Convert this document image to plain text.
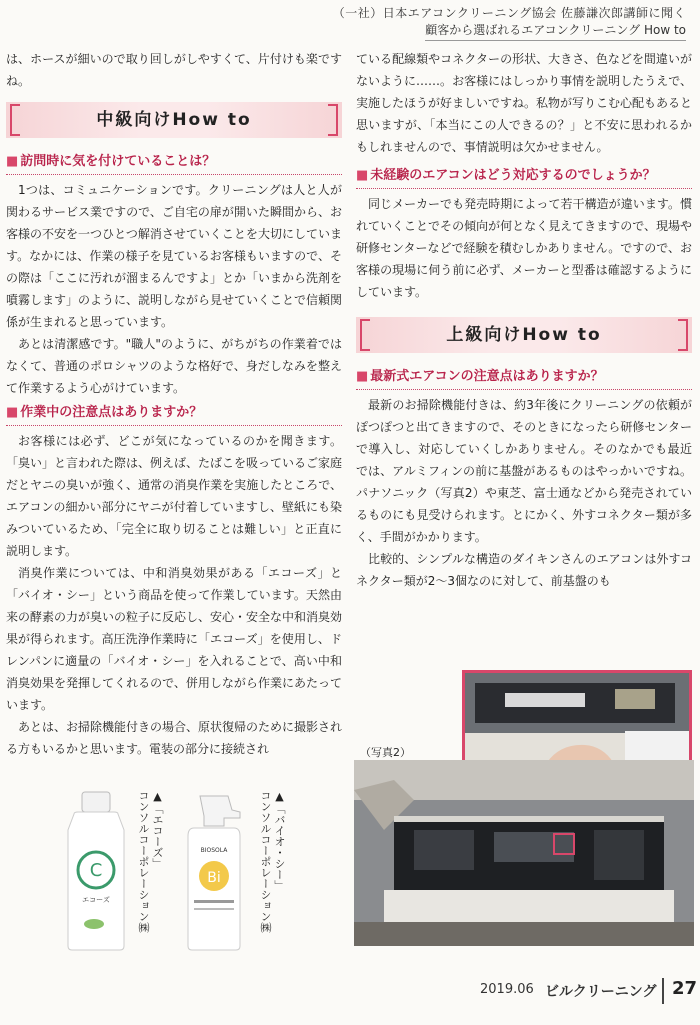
（一社）日本エアコンクリーニング協会 佐藤謙次郎講師に聞く
顧客から選ばれるエアコンクリーニング How to

は、ホースが細いので取り回しがしやすくて、片付けも楽ですね。

中級向けHow to
■ 訪問時に気を付けていることは？

1つは、コミュニケーションです。クリーニングは人と人が関わるサービス業ですので、ご自宅の扉が開いた瞬間から、お客様の不安を一つひとつ解消させていくことを大切にしています。なかには、作業の様子を見ているお客様もいますので、その際は「ここに汚れが溜まるんですよ」とか「いまから洗剤を噴霧します」のように、説明しながら見せていくことで信頼関係が生まれると思っています。

あとは清潔感です。"職人"のように、がちがちの作業着ではなくて、普通のポロシャツのような格好で、身だしなみを整えて作業するよう心がけています。

■ 作業中の注意点はありますか？

お客様には必ず、どこが気になっているのかを聞きます。「臭い」と言われた際は、例えば、たばこを吸っているご家庭だとヤニの臭いが強く、通常の消臭作業を実施したところで、エアコンの細かい部分にヤニが付着していますし、壁紙にも染みついているため、「完全に取り切ることは難しい」と正直に説明します。

消臭作業については、中和消臭効果がある「エコーズ」と「バイオ・シー」という商品を使って作業しています。天然由来の酵素の力が臭いの粒子に反応し、安心・安全な中和消臭効果が得られます。高圧洗浄作業時に「エコーズ」を使用し、ドレンパンに適量の「バイオ・シー」を入れることで、高い中和消臭効果を発揮してくれるので、併用しながら作業にあたっています。

あとは、お掃除機能付きの場合、原状復帰のために撮影される方もいるかと思います。電装の部分に接続され

C
エコーズ
▲「エコーズ」
コンソルコーポレーション㈱	BIOSOLA
Bi	▲「バイオ・シー」
コンソルコーポレーション㈱

ている配線類やコネクターの形状、大きさ、色などを間違いがないように……。お客様にはしっかり事情を説明したうえで、実施したほうが好ましいですね。私物が写りこむ心配もあると思いますが、「本当にこの人できるの？」と不安に思われるかもしれませんので、事情説明は欠かせません。

■ 未経験のエアコンはどう対応するのでしょうか？

同じメーカーでも発売時期によって若干構造が違います。慣れていくことでその傾向が何となく見えてきますので、現場や研修センターなどで経験を積むしかありません。ですので、お客様の現場に伺う前に必ず、メーカーと型番は確認するようにしています。

上級向けHow to
■ 最新式エアコンの注意点はありますか？

最新のお掃除機能付きは、約3年後にクリーニングの依頼がぽつぽつと出てきますので、そのときになったら研修センターで導入し、対応していくしかありません。そのなかでも最近では、アルミフィンの前に基盤があるものはやっかいですね。パナソニック（写真2）や東芝、富士通などから発売されているものにも見受けられます。とにかく、外すコネクター類が多く、手間がかかります。

比較的、シンプルな構造のダイキンさんのエアコンは外すコネクター類が2〜3個なのに対して、前基盤のも

（写真2）
2019.06 ビルクリーニング 27
